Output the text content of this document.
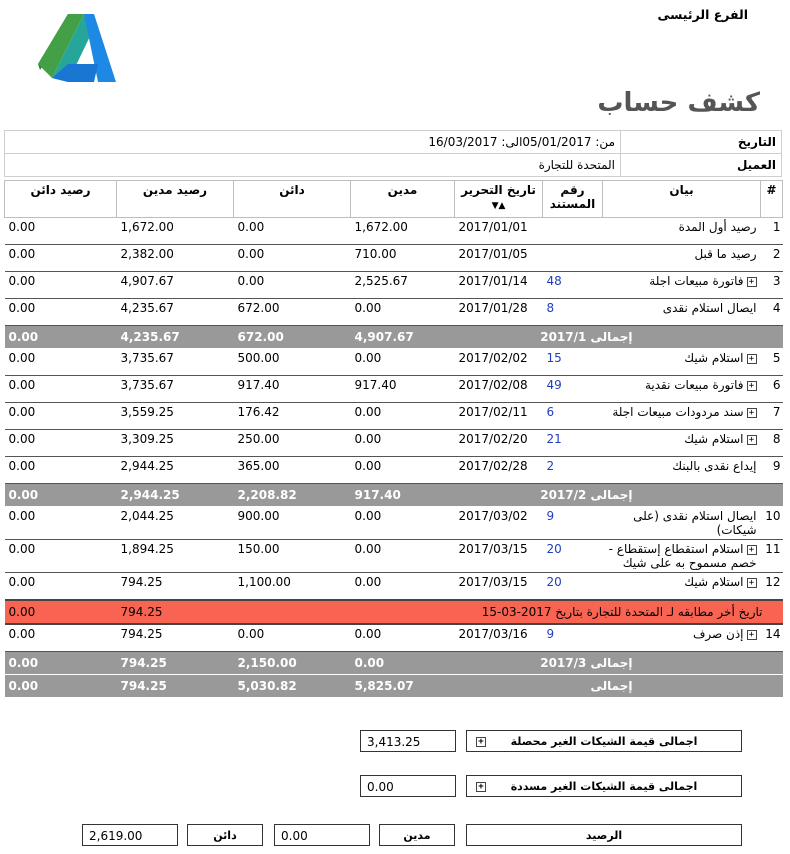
الفرع الرئيسى
كشف حساب
التاريخ	من: 05/01/2017الى: 16/03/2017
العميل	المتحدة للتجارة
#	بيان	رقم المستند	تاريخ التحرير ▲▼	مدين	دائن	رصيد مدين	رصيد دائن
1	رصيد أول المدة		2017/01/01	1,672.00	0.00	1,672.00	0.00
2	رصيد ما قبل		2017/01/05	710.00	0.00	2,382.00	0.00
3	+فاتورة مبيعات اجلة	48	2017/01/14	2,525.67	0.00	4,907.67	0.00
4	ايصال استلام نقدى	8	2017/01/28	0.00	672.00	4,235.67	0.00
إجمالى 2017/1				4,907.67	672.00	4,235.67	0.00
5	+استلام شيك	15	2017/02/02	0.00	500.00	3,735.67	0.00
6	+فاتورة مبيعات نقدية	49	2017/02/08	917.40	917.40	3,735.67	0.00
7	+سند مردودات مبيعات اجلة	6	2017/02/11	0.00	176.42	3,559.25	0.00
8	+استلام شيك	21	2017/02/20	0.00	250.00	3,309.25	0.00
9	إيداع نقدى بالبنك	2	2017/02/28	0.00	365.00	2,944.25	0.00
إجمالى 2017/2				917.40	2,208.82	2,944.25	0.00
10	ايصال استلام نقدى (على شيكات)	9	2017/03/02	0.00	900.00	2,044.25	0.00
11	+استلام استقطاع إستقطاع - خصم مسموح به على شيك	20	2017/03/15	0.00	150.00	1,894.25	0.00
12	+استلام شيك	20	2017/03/15	0.00	1,100.00	794.25	0.00
تاريخ أخر مطابقه لـ المتحدة للتجارة بتاريخ 2017-03-15						794.25	0.00
14	+إذن صرف	9	2017/03/16	0.00	0.00	794.25	0.00
إجمالى 2017/3				0.00	2,150.00	794.25	0.00
إجمالى				5,825.07	5,030.82	794.25	0.00
+ اجمالى قيمة الشيكات الغير محصلة
3,413.25
+ اجمالى قيمة الشيكات الغير مسددة
0.00
الرصيد
مدين
0.00
دائن
2,619.00
